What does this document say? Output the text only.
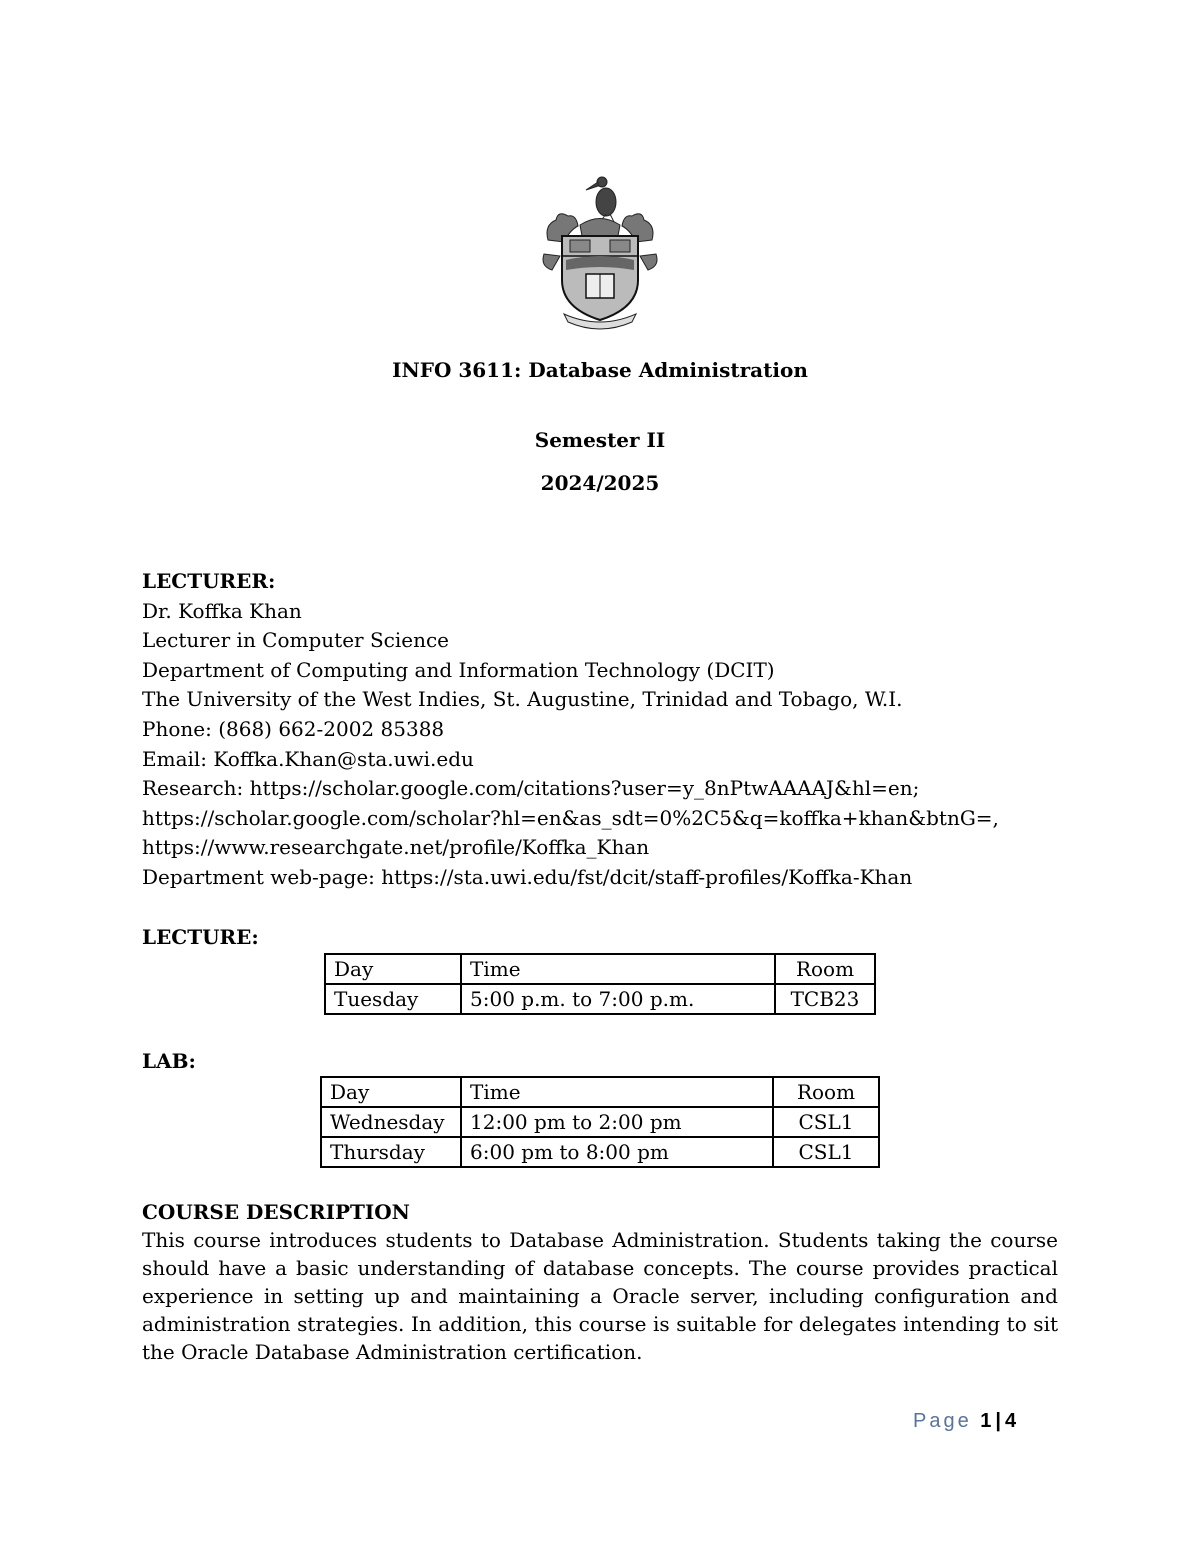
INFO 3611: Database Administration
Semester II
2024/2025
LECTURER:
Dr. Koffka Khan
Lecturer in Computer Science
Department of Computing and Information Technology (DCIT)
The University of the West Indies, St. Augustine, Trinidad and Tobago, W.I.
Phone: (868) 662-2002 85388
Email: Koffka.Khan@sta.uwi.edu
Research: https://scholar.google.com/citations?user=y_8nPtwAAAAJ&hl=en;
https://scholar.google.com/scholar?hl=en&as_sdt=0%2C5&q=koffka+khan&btnG=,
https://www.researchgate.net/profile/Koffka_Khan
Department web-page: https://sta.uwi.edu/fst/dcit/staff-profiles/Koffka-Khan
LECTURE:
Day	Time	Room
Tuesday	5:00 p.m. to 7:00 p.m.	TCB23
LAB:
Day	Time	Room
Wednesday	12:00 pm to 2:00 pm	CSL1
Thursday	6:00 pm to 8:00 pm	CSL1
COURSE DESCRIPTION
This course introduces students to Database Administration. Students taking the course should have a basic understanding of database concepts. The course provides practical experience in setting up and maintaining a Oracle server, including configuration and administration strategies. In addition, this course is suitable for delegates intending to sit the Oracle Database Administration certification.
Page 1 | 4
